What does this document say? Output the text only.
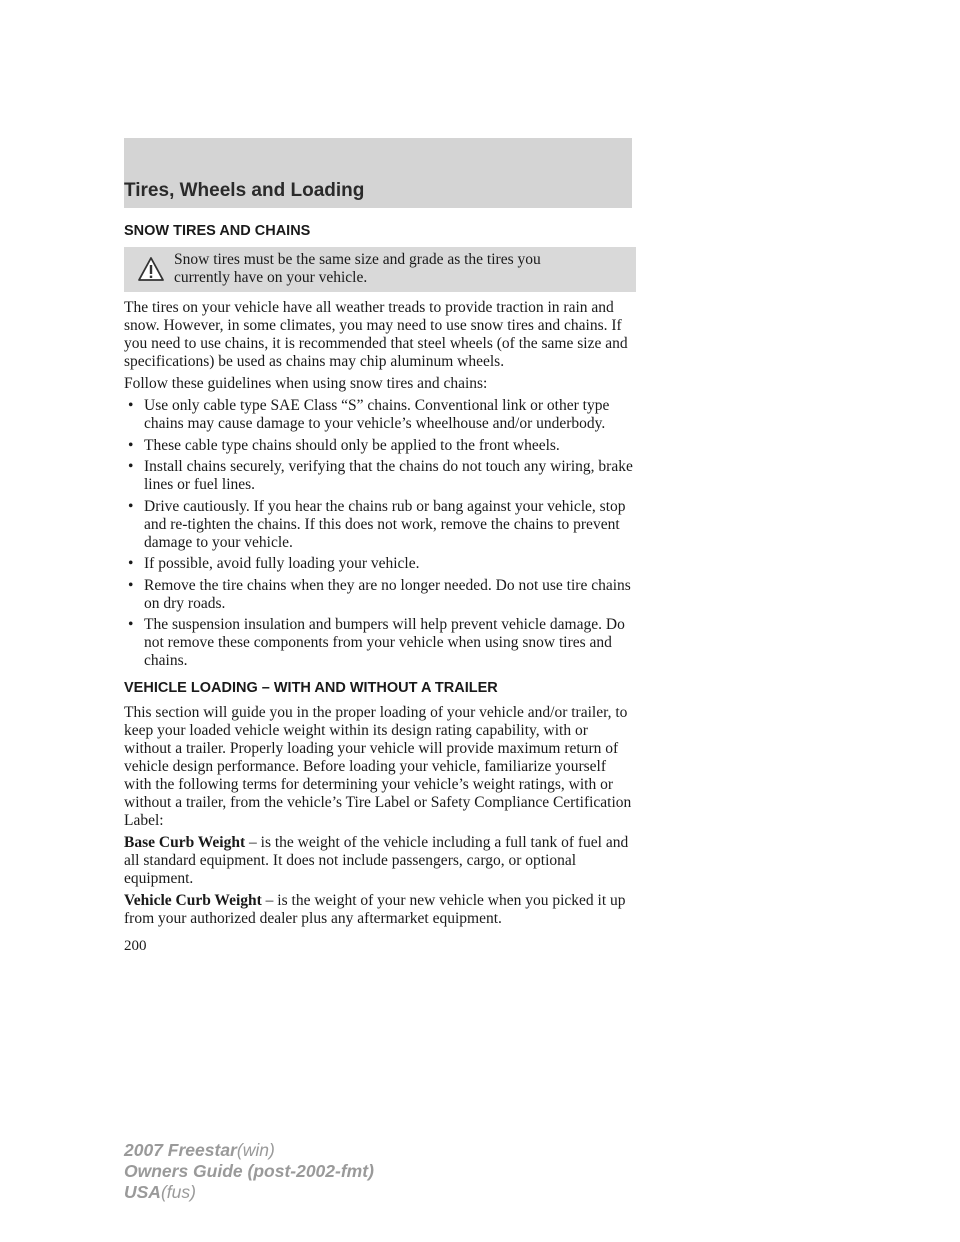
Tires, Wheels and Loading
SNOW TIRES AND CHAINS
Snow tires must be the same size and grade as the tires you
currently have on your vehicle.

The tires on your vehicle have all weather treads to provide traction in rain and snow. However, in some climates, you may need to use snow tires and chains. If you need to use chains, it is recommended that steel wheels (of the same size and specifications) be used as chains may chip aluminum wheels.

Follow these guidelines when using snow tires and chains:

• Use only cable type SAE Class “S” chains. Conventional link or other type chains may cause damage to your vehicle’s wheelhouse and/or underbody.
• These cable type chains should only be applied to the front wheels.
• Install chains securely, verifying that the chains do not touch any wiring, brake lines or fuel lines.
• Drive cautiously. If you hear the chains rub or bang against your vehicle, stop and re-tighten the chains. If this does not work, remove the chains to prevent damage to your vehicle.
• If possible, avoid fully loading your vehicle.
• Remove the tire chains when they are no longer needed. Do not use tire chains on dry roads.
• The suspension insulation and bumpers will help prevent vehicle damage. Do not remove these components from your vehicle when using snow tires and chains.
VEHICLE LOADING – WITH AND WITHOUT A TRAILER

This section will guide you in the proper loading of your vehicle and/or trailer, to keep your loaded vehicle weight within its design rating capability, with or without a trailer. Properly loading your vehicle will provide maximum return of vehicle design performance. Before loading your vehicle, familiarize yourself with the following terms for determining your vehicle’s weight ratings, with or without a trailer, from the vehicle’s Tire Label or Safety Compliance Certification Label:

Base Curb Weight – is the weight of the vehicle including a full tank of fuel and all standard equipment. It does not include passengers, cargo, or optional equipment.

Vehicle Curb Weight – is the weight of your new vehicle when you picked it up from your authorized dealer plus any aftermarket equipment.

200
2007 Freestar(win)
Owners Guide (post-2002-fmt)
USA(fus)
